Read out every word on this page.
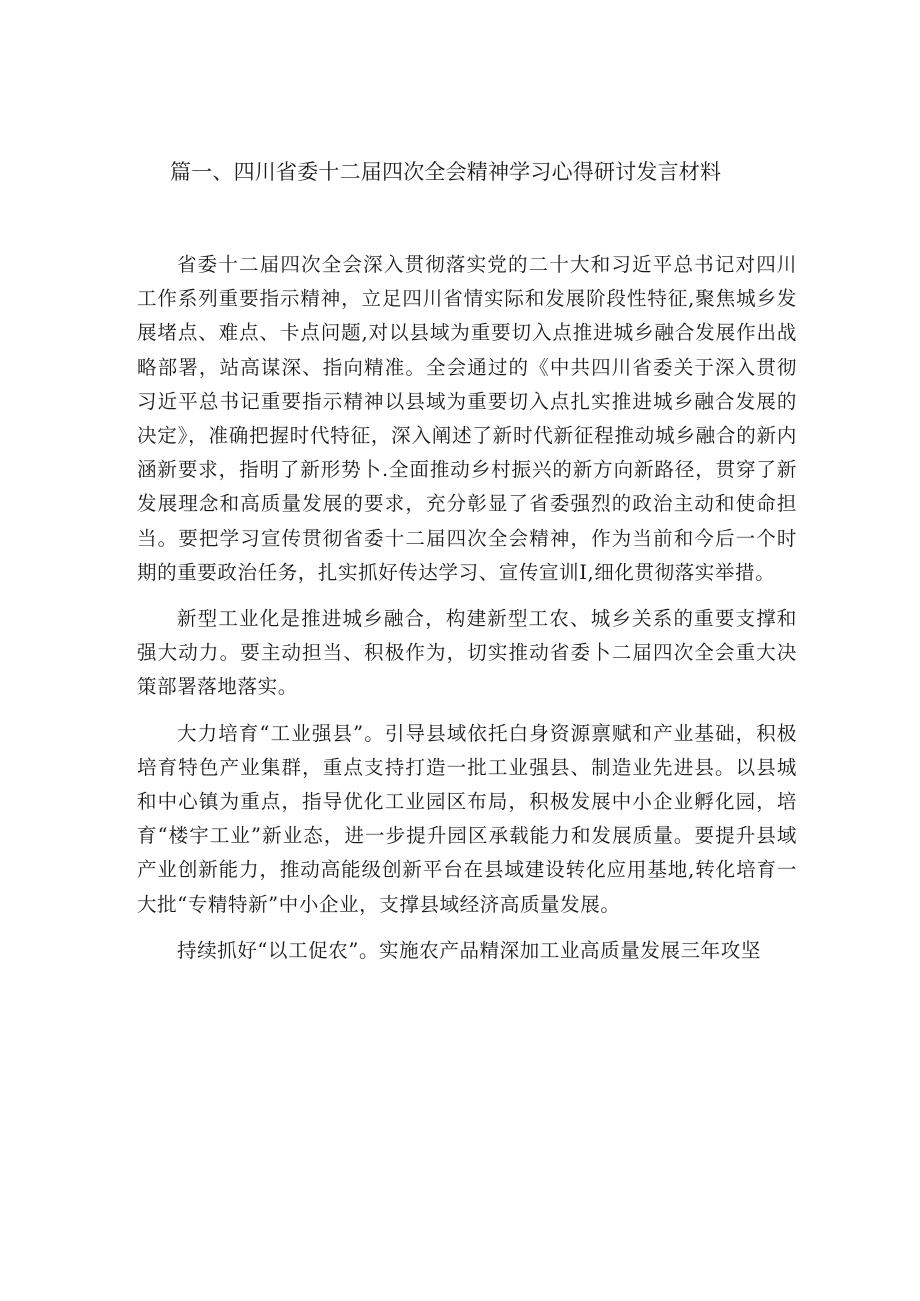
篇一、四川省委十二届四次全会精神学习心得研讨发言材料

省委十二届四次全会深入贯彻落实党的二十大和习近平总书记对四川工作系列重要指示精神，立足四川省情实际和发展阶段性特征,聚焦城乡发展堵点、难点、卡点问题,对以县域为重要切入点推进城乡融合发展作出战略部署，站高谋深、指向精准。全会通过的《中共四川省委关于深入贯彻习近平总书记重要指示精神以县域为重要切入点扎实推进城乡融合发展的决定》，准确把握时代特征，深入阐述了新时代新征程推动城乡融合的新内涵新要求，指明了新形势卜.全面推动乡村振兴的新方向新路径，贯穿了新发展理念和高质量发展的要求，充分彰显了省委强烈的政治主动和使命担当。要把学习宣传贯彻省委十二届四次全会精神，作为当前和今后一个时期的重要政治任务，扎实抓好传达学习、宣传宣训I,细化贯彻落实举措。

新型工业化是推进城乡融合，构建新型工农、城乡关系的重要支撑和强大动力。要主动担当、积极作为，切实推动省委卜二届四次全会重大决策部署落地落实。

大力培育“工业强县”。引导县域依托白身资源禀赋和产业基础，积极培育特色产业集群，重点支持打造一批工业强县、制造业先进县。以县城和中心镇为重点，指导优化工业园区布局，积极发展中小企业孵化园，培育“楼宇工业”新业态，进一步提升园区承载能力和发展质量。要提升县域产业创新能力，推动高能级创新平台在县域建设转化应用基地,转化培育一大批“专精特新”中小企业，支撑县域经济高质量发展。

持续抓好“以工促农”。实施农产品精深加工业高质量发展三年攻坚
